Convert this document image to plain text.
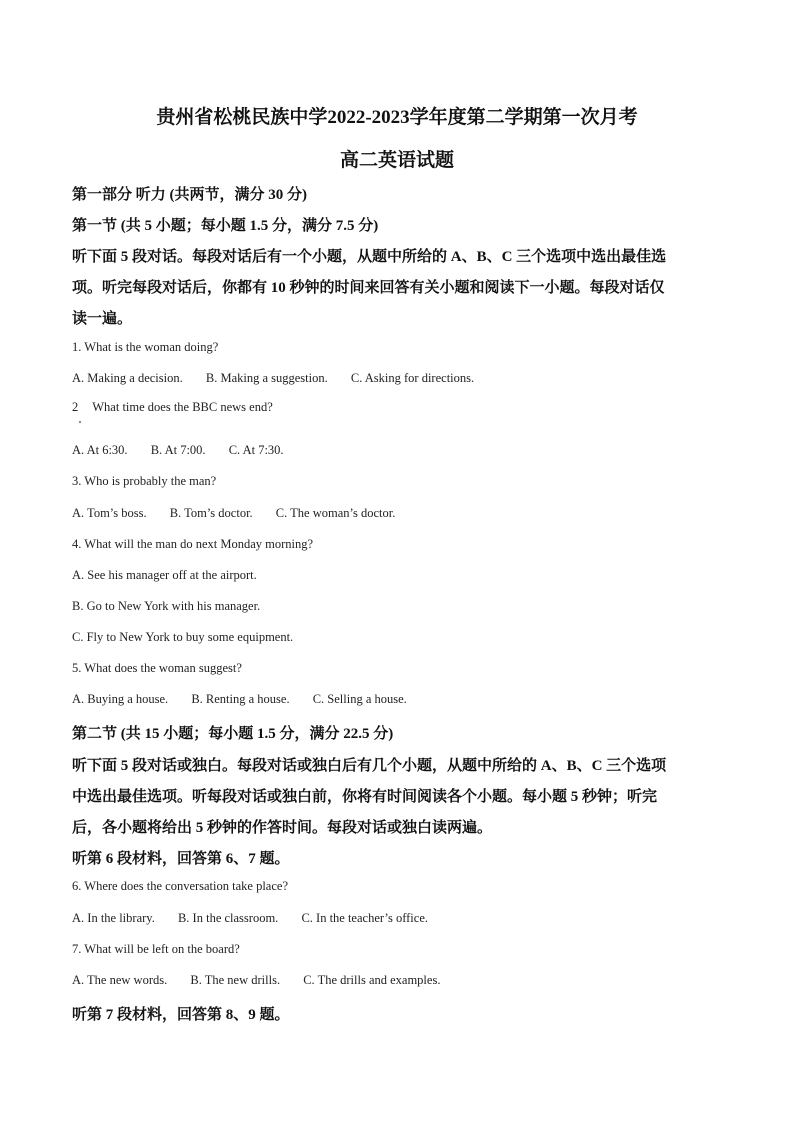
贵州省松桃民族中学2022-2023学年度第二学期第一次月考
高二英语试题
第一部分 听力 (共两节，满分 30 分)
第一节 (共 5 小题；每小题 1.5 分，满分 7.5 分)
听下面 5 段对话。每段对话后有一个小题，从题中所给的 A、B、C 三个选项中选出最佳选
项。听完每段对话后，你都有 10 秒钟的时间来回答有关小题和阅读下一小题。每段对话仅
读一遍。
1. What is the woman doing?
A. Making a decision. B. Making a suggestion. C. Asking for directions.
2 What time does the BBC news end?
A. At 6:30. B. At 7:00. C. At 7:30.
3. Who is probably the man?
A. Tom’s boss. B. Tom’s doctor. C. The woman’s doctor.
4. What will the man do next Monday morning?
A. See his manager off at the airport.
B. Go to New York with his manager.
C. Fly to New York to buy some equipment.
5. What does the woman suggest?
A. Buying a house. B. Renting a house. C. Selling a house.
第二节 (共 15 小题；每小题 1.5 分，满分 22.5 分)
听下面 5 段对话或独白。每段对话或独白后有几个小题，从题中所给的 A、B、C 三个选项
中选出最佳选项。听每段对话或独白前，你将有时间阅读各个小题。每小题 5 秒钟；听完
后，各小题将给出 5 秒钟的作答时间。每段对话或独白读两遍。
听第 6 段材料，回答第 6、7 题。
6. Where does the conversation take place?
A. In the library. B. In the classroom. C. In the teacher’s office.
7. What will be left on the board?
A. The new words. B. The new drills. C. The drills and examples.
听第 7 段材料，回答第 8、9 题。
